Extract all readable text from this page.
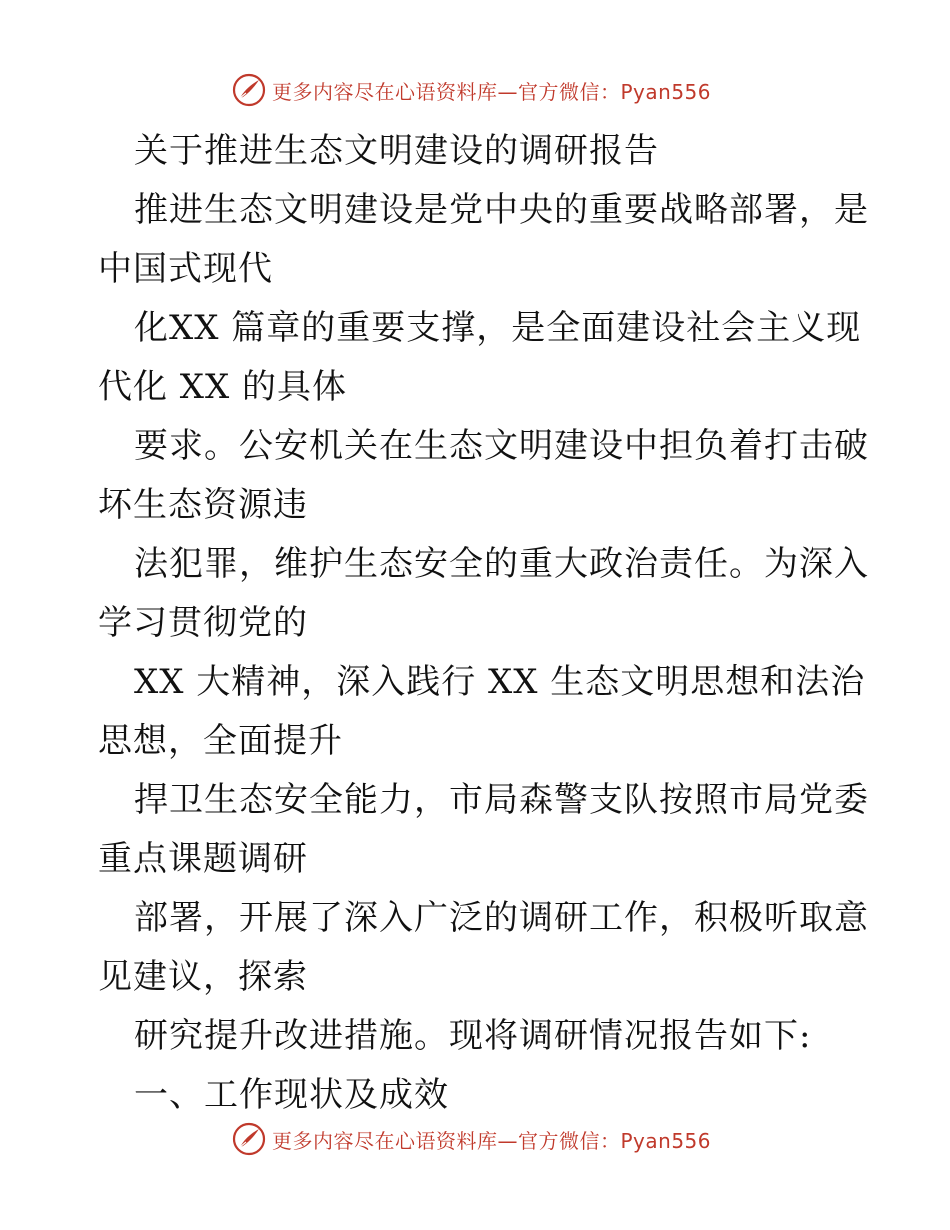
更多内容尽在心语资料库—官方微信：Pyan556
关于推进生态文明建设的调研报告
推进生态文明建设是党中央的重要战略部署，是
中国式现代
化XX 篇章的重要支撑，是全面建设社会主义现
代化 XX 的具体
要求。公安机关在生态文明建设中担负着打击破
坏生态资源违
法犯罪，维护生态安全的重大政治责任。为深入
学习贯彻党的
XX 大精神，深入践行 XX 生态文明思想和法治
思想，全面提升
捍卫生态安全能力，市局森警支队按照市局党委
重点课题调研
部署，开展了深入广泛的调研工作，积极听取意
见建议，探索
研究提升改进措施。现将调研情况报告如下:
一、工作现状及成效
更多内容尽在心语资料库—官方微信：Pyan556
